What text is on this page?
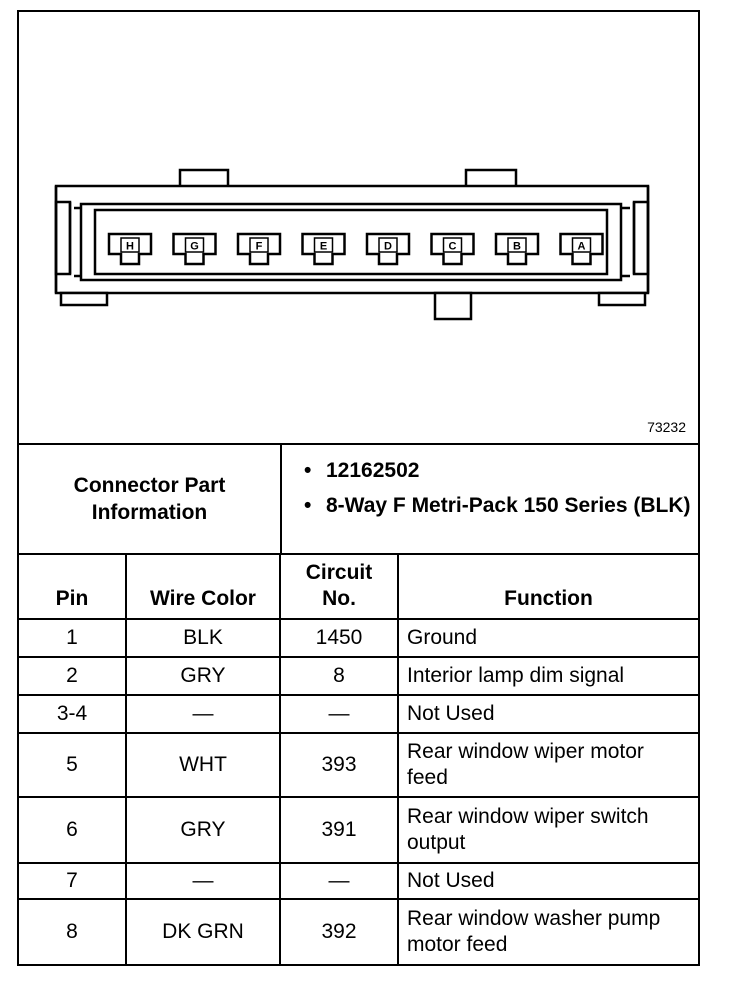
H	G	F	E	D	C	B	A
73232
Connector Part Information
• 12162502
• 8-Way F Metri-Pack 150 Series (BLK)
Pin	Wire Color	Circuit No.	Function
1	BLK	1450	Ground
2	GRY	8	Interior lamp dim signal
3-4	—	—	Not Used
5	WHT	393	Rear window wiper motor feed
6	GRY	391	Rear window wiper switch output
7	—	—	Not Used
8	DK GRN	392	Rear window washer pump motor feed
